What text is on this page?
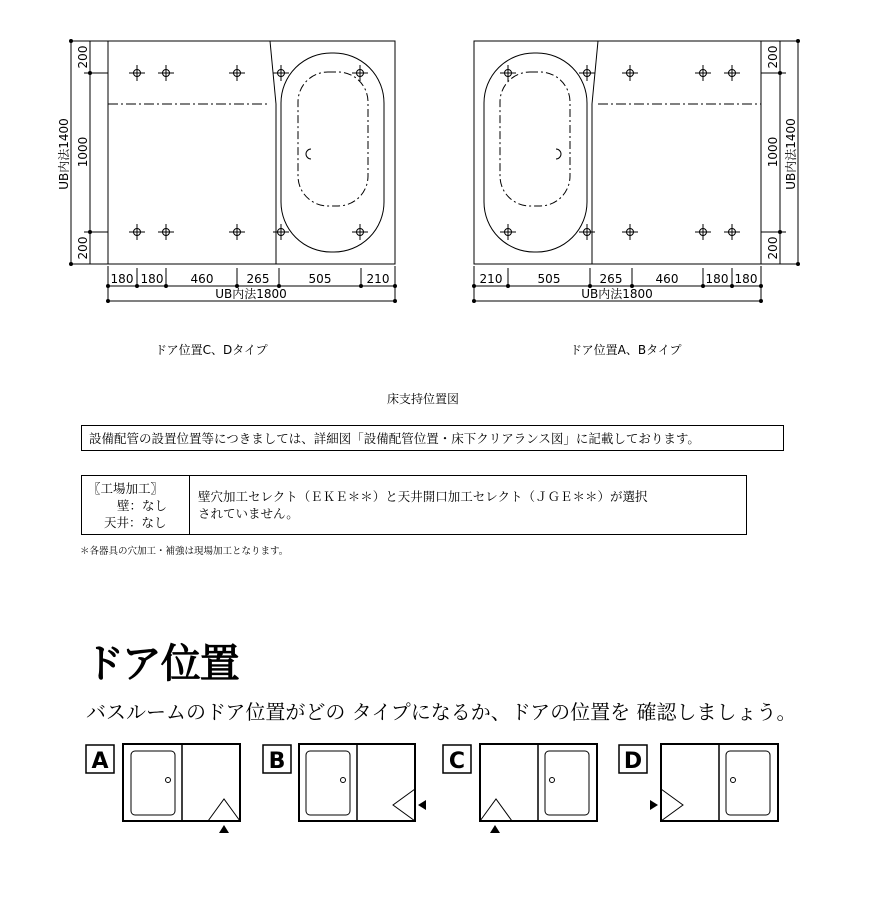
UB内法1400 1000
200
200
180 180 460	265	505	210
UB内法1800
UB内法1400
1000
200
200
210	505	265	460 180 180
UB内法1800
ドア位置C、Dタイプ	ドア位置A、Bタイプ
床支持位置図
設備配管の設置位置等につきましては、詳細図「設備配管位置・床下クリアランス図」に記載しております。
〖工場加工〗
壁：なし
天井：なし
壁穴加工セレクト（ＥＫＥ＊＊）と天井開口加工セレクト（ＪＧＥ＊＊）が選択
されていません。
＊各器具の穴加工・補強は現場加工となります。
ドア位置
バスルームのドア位置がどの タイプになるか、ドアの位置を 確認しましょう。
A	B	C	D
